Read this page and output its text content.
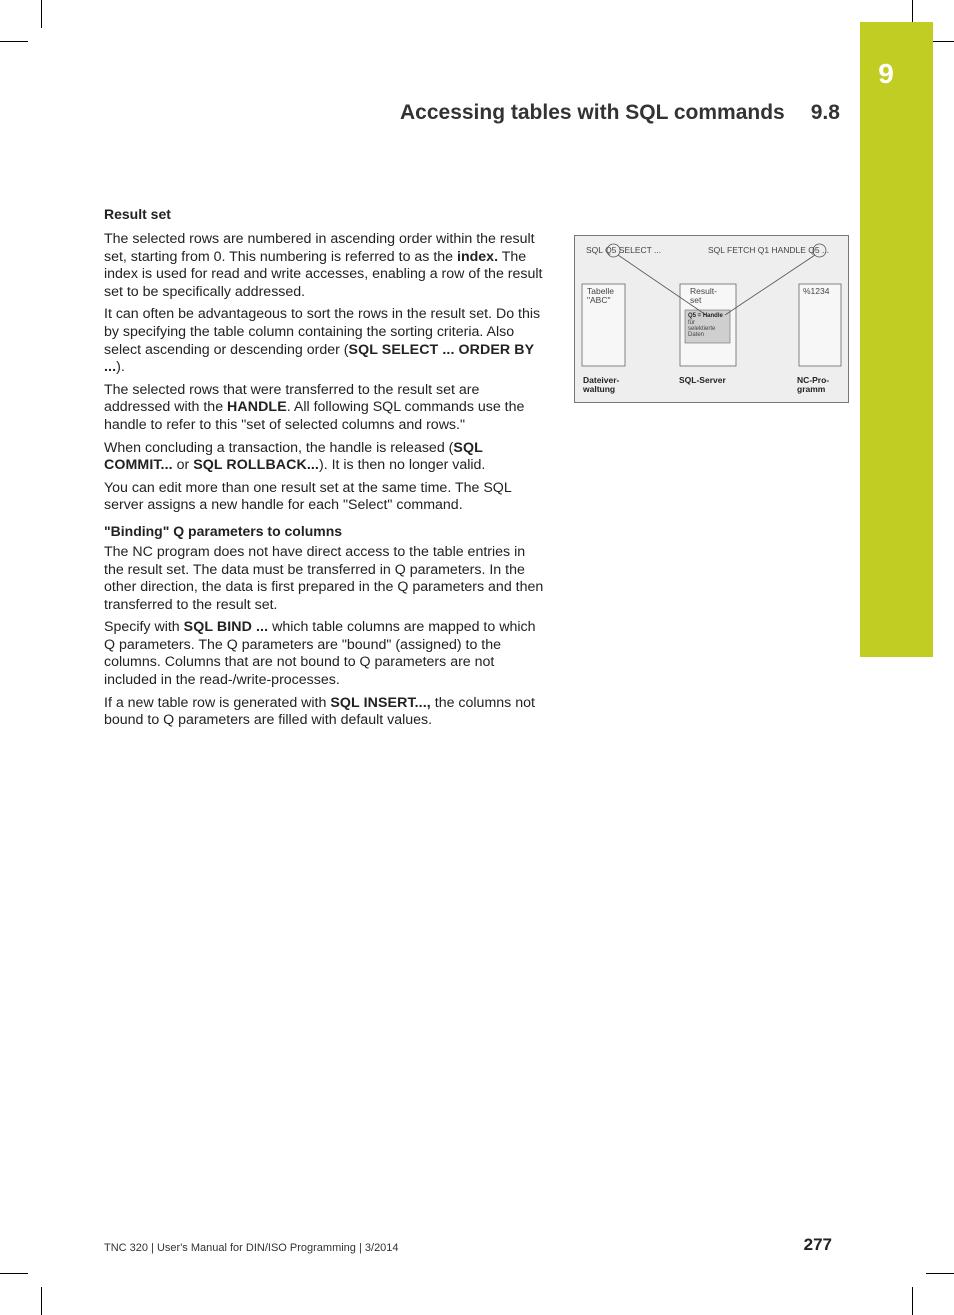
9
Accessing tables with SQL commands 9.8
Result set

The selected rows are numbered in ascending order within the result set, starting from 0. This numbering is referred to as the index. The index is used for read and write accesses, enabling a row of the result set to be specifically addressed.

It can often be advantageous to sort the rows in the result set. Do this by specifying the table column containing the sorting criteria. Also select ascending or descending order (SQL SELECT ... ORDER BY ...).

The selected rows that were transferred to the result set are addressed with the HANDLE. All following SQL commands use the handle to refer to this "set of selected columns and rows."

When concluding a transaction, the handle is released (SQL COMMIT... or SQL ROLLBACK...). It is then no longer valid.

You can edit more than one result set at the same time. The SQL server assigns a new handle for each "Select" command.

"Binding" Q parameters to columns

The NC program does not have direct access to the table entries in the result set. The data must be transferred in Q parameters. In the other direction, the data is first prepared in the Q parameters and then transferred to the result set.

Specify with SQL BIND ... which table columns are mapped to which Q parameters. The Q parameters are "bound" (assigned) to the columns. Columns that are not bound to Q parameters are not included in the read-/write-processes.

If a new table row is generated with SQL INSERT..., the columns not bound to Q parameters are filled with default values.

SQL Q5 SELECT ...	SQL FETCH Q1 HANDLE Q5 ...
Tabelle
"ABC"
Result-
set
Q5 = Handle
für
selektierte
Daten
%1234
Dateiver-
waltung
SQL-Server	NC-Pro-
gramm
TNC 320 | User's Manual for DIN/ISO Programming | 3/2014	277
